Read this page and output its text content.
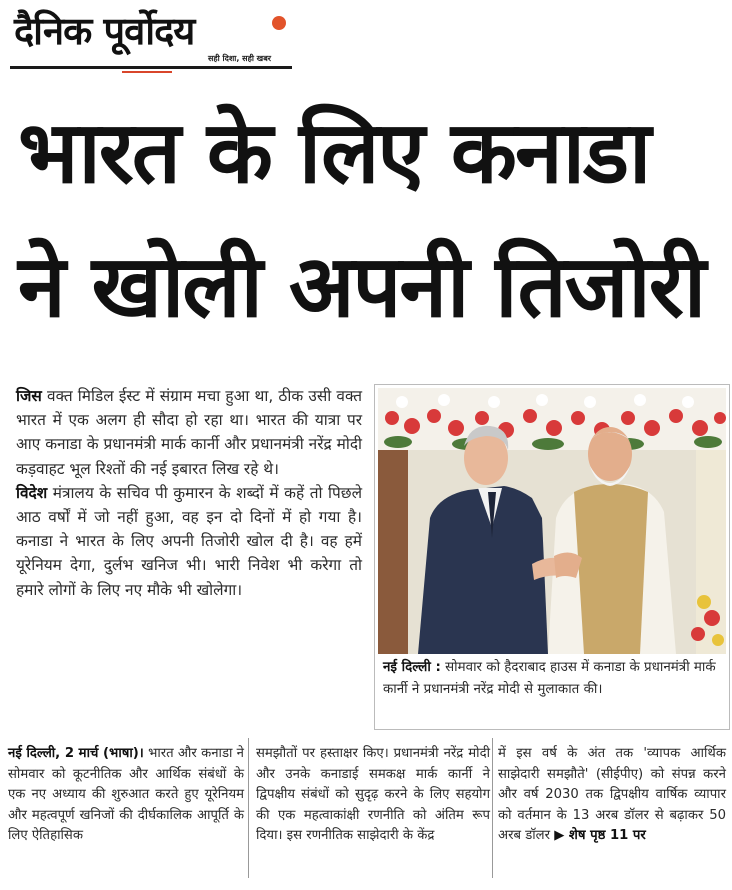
दैनिक पूर्वोदय
सही दिशा, सही खबर
भारत के लिए कनाडा
ने खोली अपनी तिजोरी

जिस वक्त मिडिल ईस्ट में संग्राम मचा हुआ था, ठीक उसी वक्त भारत में एक अलग ही सौदा हो रहा था। भारत की यात्रा पर आए कनाडा के प्रधानमंत्री मार्क कार्नी और प्रधानमंत्री नरेंद्र मोदी कड़वाहट भूल रिश्तों की नई इबारत लिख रहे थे।

विदेश मंत्रालय के सचिव पी कुमारन के शब्दों में कहें तो पिछले आठ वर्षों में जो नहीं हुआ, वह इन दो दिनों में हो गया है। कनाडा ने भारत के लिए अपनी तिजोरी खोल दी है। वह हमें यूरेनियम देगा, दुर्लभ खनिज भी। भारी निवेश भी करेगा तो हमारे लोगों के लिए नए मौके भी खोलेगा।

नई दिल्ली : सोमवार को हैदराबाद हाउस में कनाडा के प्रधानमंत्री मार्क कार्नी ने प्रधानमंत्री नरेंद्र मोदी से मुलाकात की।
नई दिल्ली, 2 मार्च (भाषा)। भारत और कनाडा ने सोमवार को कूटनीतिक और आर्थिक संबंधों के एक नए अध्याय की शुरुआत करते हुए यूरेनियम और महत्वपूर्ण खनिजों की दीर्घकालिक आपूर्ति के लिए ऐतिहासिक
समझौतों पर हस्ताक्षर किए। प्रधानमंत्री नरेंद्र मोदी और उनके कनाडाई समकक्ष मार्क कार्नी ने द्विपक्षीय संबंधों को सुदृढ़ करने के लिए सहयोग की एक महत्वाकांक्षी रणनीति को अंतिम रूप दिया। इस रणनीतिक साझेदारी के केंद्र
में इस वर्ष के अंत तक 'व्यापक आर्थिक साझेदारी समझौते' (सीईपीए) को संपन्न करने और वर्ष 2030 तक द्विपक्षीय वार्षिक व्यापार को वर्तमान के 13 अरब डॉलर से बढ़ाकर 50 अरब डॉलर ▶ शेष पृष्ठ 11 पर
